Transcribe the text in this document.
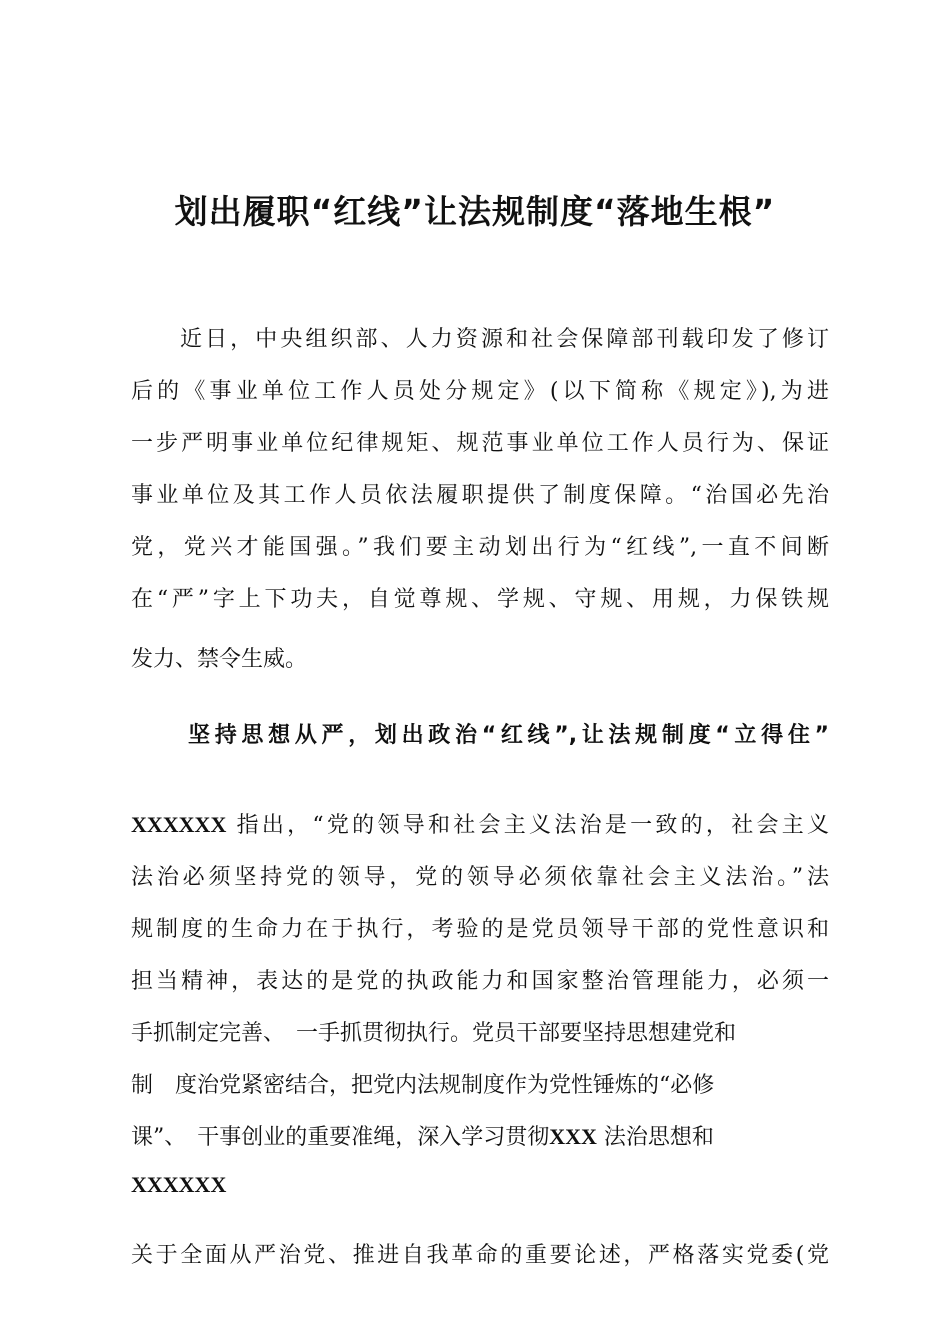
划出履职“红线”让法规制度“落地生根”
近日，中央组织部、人力资源和社会保障部刊载印发了修订
后的《事业单位工作人员处分规定》(以下简称《规定》),为进
一步严明事业单位纪律规矩、规范事业单位工作人员行为、保证
事业单位及其工作人员依法履职提供了制度保障。“治国必先治
党，党兴才能国强。”我们要主动划出行为“红线”,一直不间断
在“严”字上下功夫，自觉尊规、学规、守规、用规，力保铁规
发力、禁令生威。
坚持思想从严，划出政治“红线”,让法规制度“立得住”
XXXXXX 指出，“党的领导和社会主义法治是一致的，社会主义
法治必须坚持党的领导，党的领导必须依靠社会主义法治。”法
规制度的生命力在于执行，考验的是党员领导干部的党性意识和
担当精神，表达的是党的执政能力和国家整治管理能力，必须一
手抓制定完善、　一手抓贯彻执行。党员干部要坚持思想建党和
制　度治党紧密结合，把党内法规制度作为党性锤炼的“必修
课”、　干事创业的重要准绳，深入学习贯彻XXX 法治思想和
XXXXXX
关于全面从严治党、推进自我革命的重要论述，严格落实党委(党
